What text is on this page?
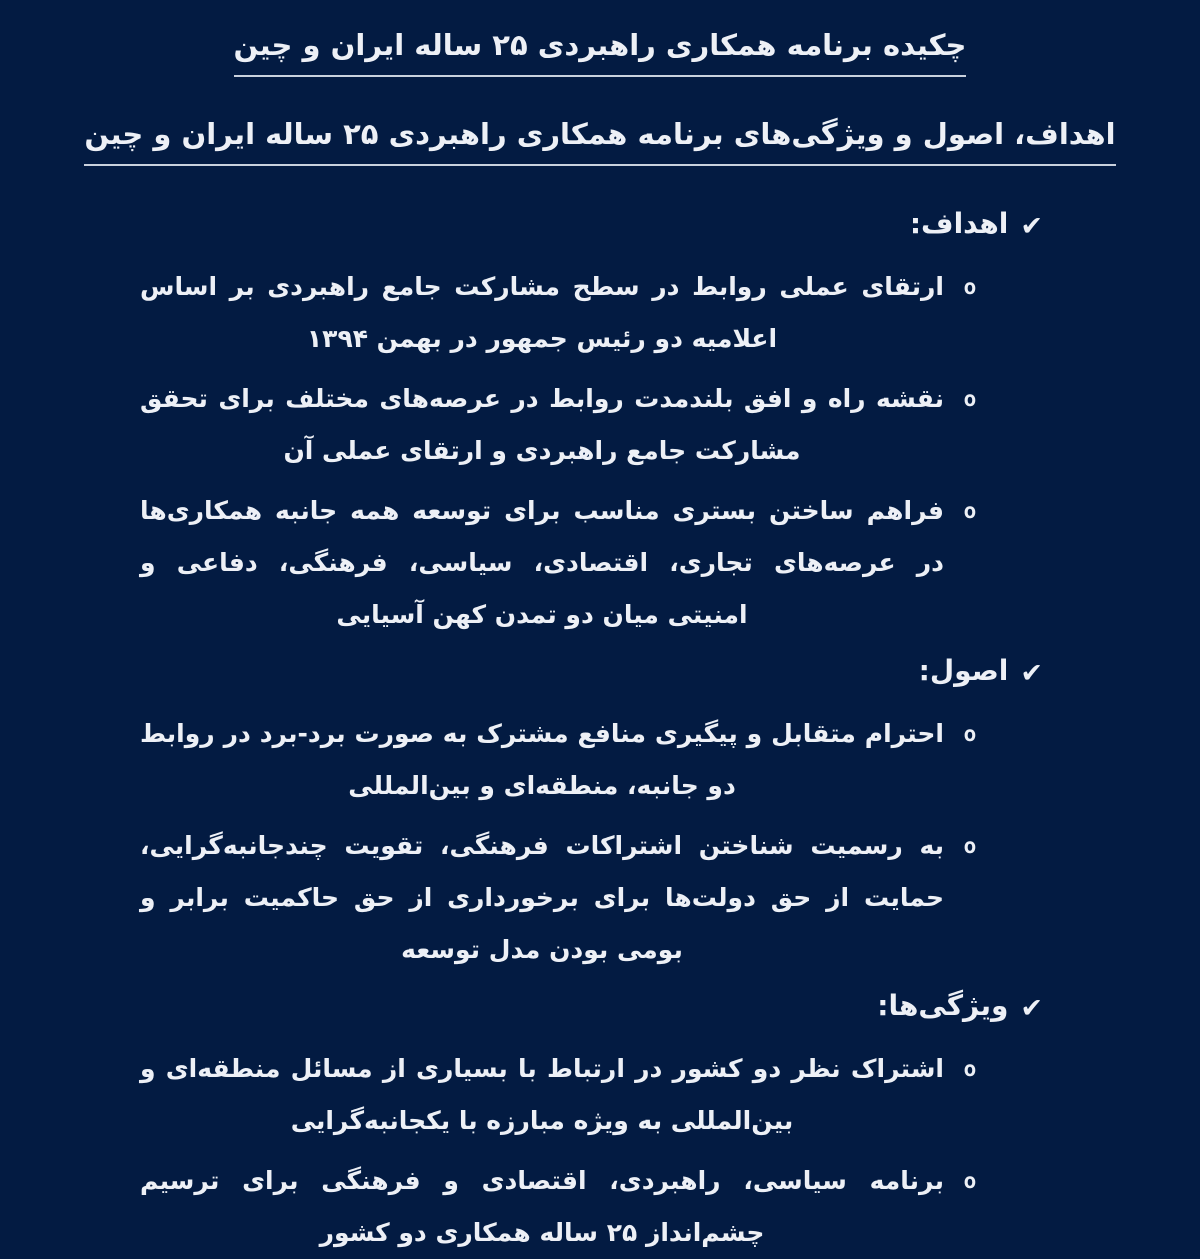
چکیده برنامه همکاری راهبردی ۲۵ ساله ایران و چین
اهداف، اصول و ویژگی‌های برنامه همکاری راهبردی ۲۵ ساله ایران و چین
✔
اهداف:
o

ارتقای عملی روابط در سطح مشارکت جامع راهبردی بر اساس اعلامیه دو رئیس جمهور در بهمن ۱۳۹۴

o

نقشه راه و افق بلندمدت روابط در عرصه‌های مختلف برای تحقق مشارکت جامع راهبردی و ارتقای عملی آن

o

فراهم ساختن بستری مناسب برای توسعه همه جانبه همکاری‌ها در عرصه‌های تجاری، اقتصادی، سیاسی، فرهنگی، دفاعی و امنیتی میان دو تمدن کهن آسیایی

✔
اصول:
o

احترام متقابل و پیگیری منافع مشترک به صورت برد-برد در روابط دو جانبه، منطقه‌ای و بین‌المللی

o

به رسمیت شناختن اشتراکات فرهنگی، تقویت چندجانبه‌گرایی، حمایت از حق دولت‌ها برای برخورداری از حق حاکمیت برابر و بومی بودن مدل توسعه

✔
ویژگی‌ها:
o

اشتراک نظر دو کشور در ارتباط با بسیاری از مسائل منطقه‌ای و بین‌المللی به ویژه مبارزه با یکجانبه‌گرایی

o

برنامه سیاسی، راهبردی، اقتصادی و فرهنگی برای ترسیم چشم‌انداز ۲۵ ساله همکاری دو کشور
